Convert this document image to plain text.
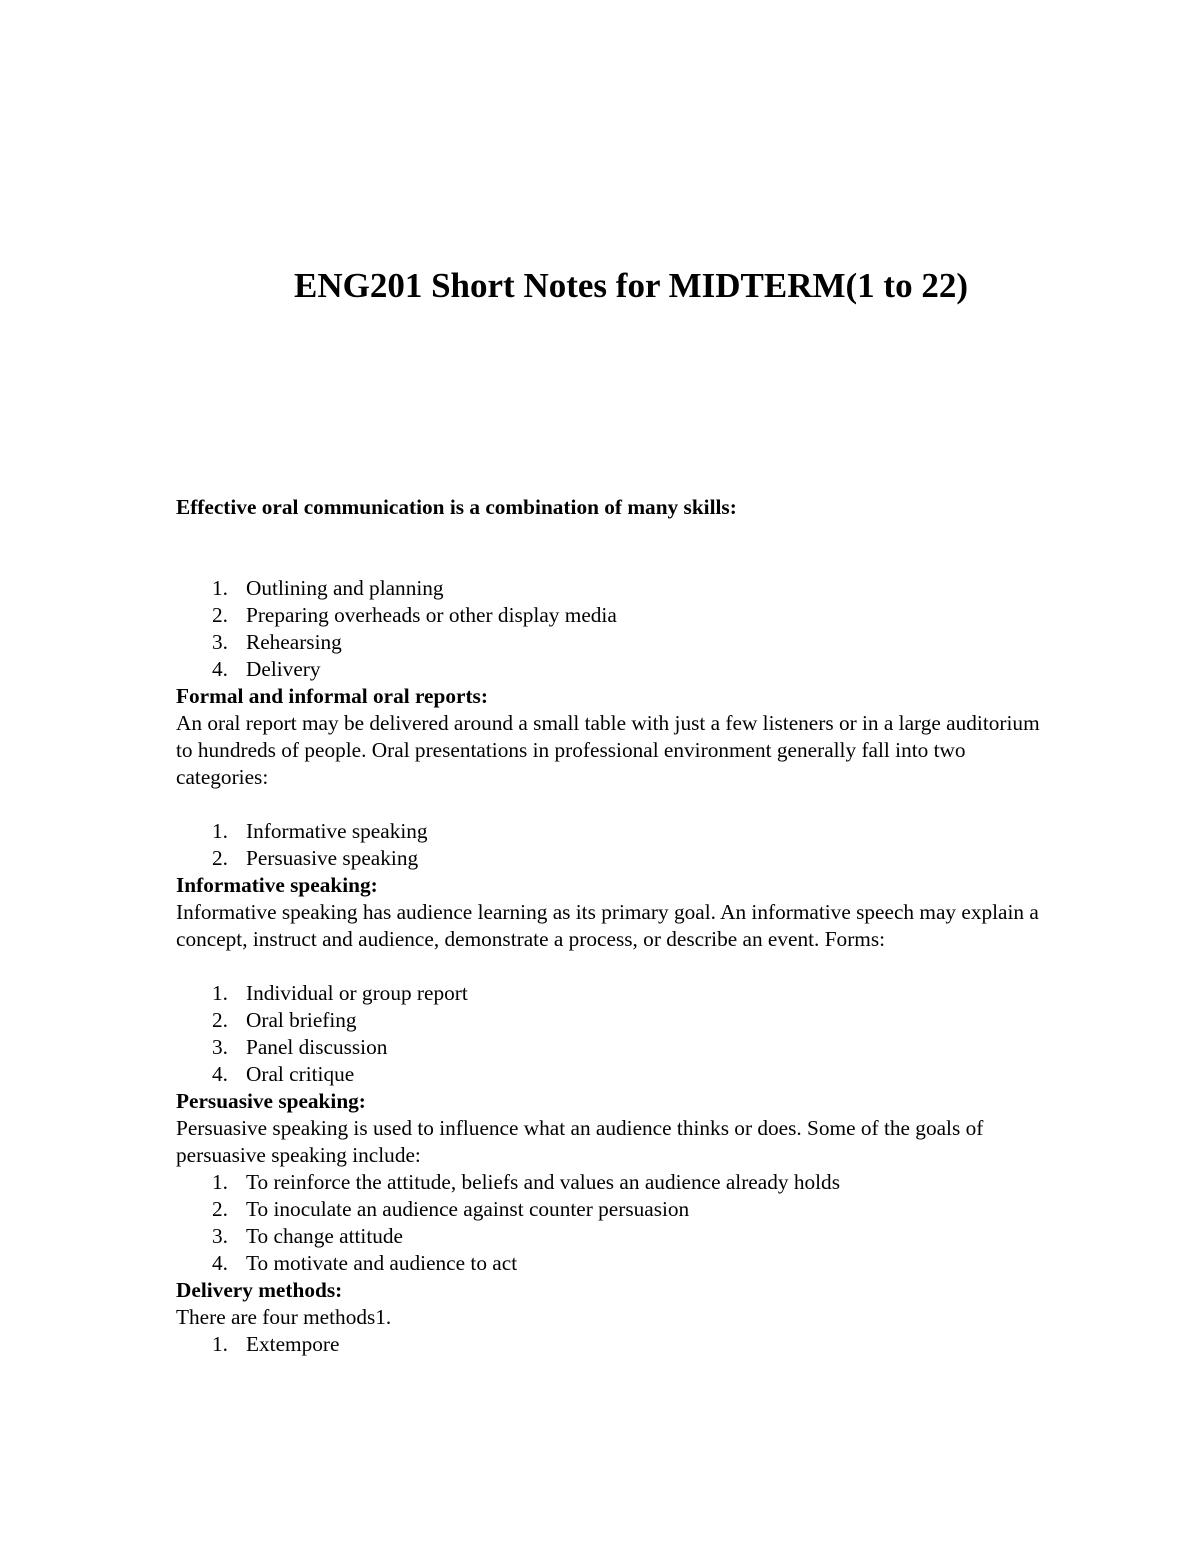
ENG201 Short Notes for MIDTERM(1 to 22)

Effective oral communication is a combination of many skills:

1. Outlining and planning
2. Preparing overheads or other display media
3. Rehearsing
4. Delivery

Formal and informal oral reports:

An oral report may be delivered around a small table with just a few listeners or in a large auditorium to hundreds of people. Oral presentations in professional environment generally fall into two categories:

1. Informative speaking
2. Persuasive speaking

Informative speaking:

Informative speaking has audience learning as its primary goal. An informative speech may explain a concept, instruct and audience, demonstrate a process, or describe an event. Forms:

1. Individual or group report
2. Oral briefing
3. Panel discussion
4. Oral critique

Persuasive speaking:

Persuasive speaking is used to influence what an audience thinks or does. Some of the goals of persuasive speaking include:

1. To reinforce the attitude, beliefs and values an audience already holds
2. To inoculate an audience against counter persuasion
3. To change attitude
4. To motivate and audience to act

Delivery methods:

There are four methods1.

1. Extempore
